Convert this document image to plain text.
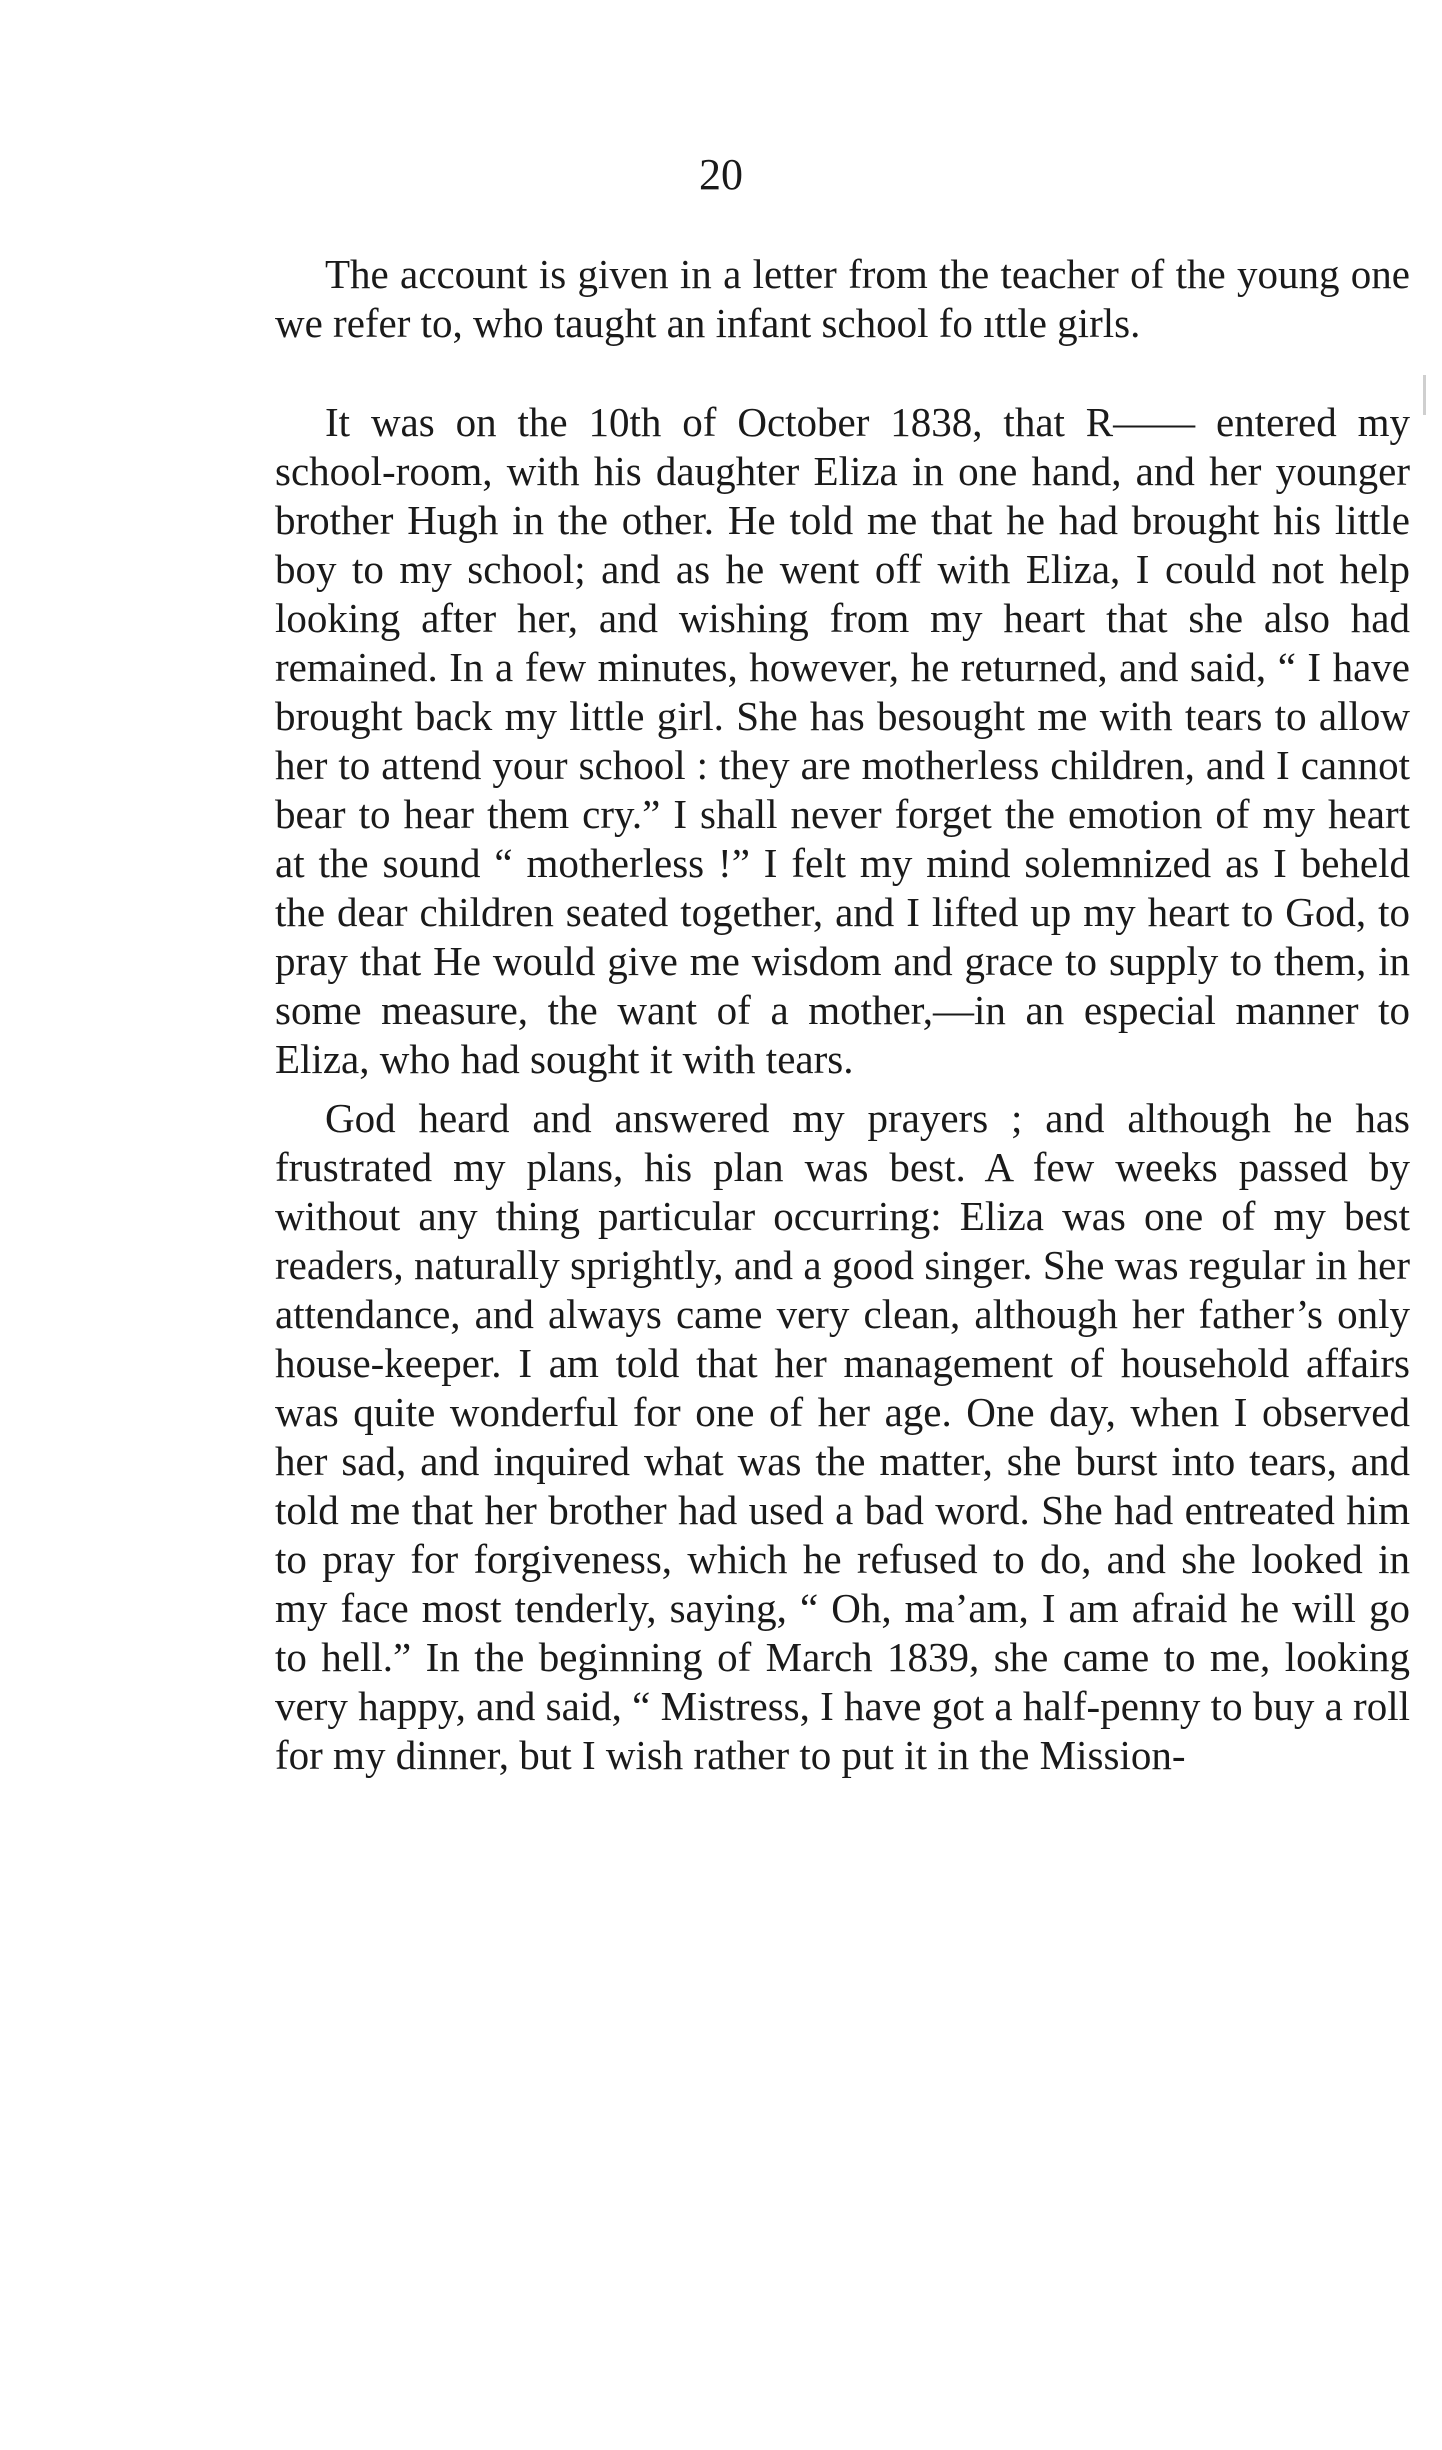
20

The account is given in a letter from the teacher of the young one we refer to, who taught an infant school fo ıttle girls.

It was on the 10th of October 1838, that R—— entered my school-room, with his daughter Eliza in one hand, and her younger brother Hugh in the other. He told me that he had brought his little boy to my school; and as he went off with Eliza, I could not help looking after her, and wishing from my heart that she also had remained. In a few minutes, however, he returned, and said, “ I have brought back my little girl. She has besought me with tears to allow her to attend your school : they are motherless children, and I cannot bear to hear them cry.” I shall never forget the emotion of my heart at the sound “ motherless !” I felt my mind solemnized as I beheld the dear children seated together, and I lifted up my heart to God, to pray that He would give me wisdom and grace to supply to them, in some measure, the want of a mother,—in an especial manner to Eliza, who had sought it with tears.

God heard and answered my prayers ; and although he has frustrated my plans, his plan was best. A few weeks passed by without any thing particular occurring: Eliza was one of my best readers, naturally sprightly, and a good singer. She was regular in her attendance, and always came very clean, although her father’s only house-keeper. I am told that her management of household affairs was quite wonderful for one of her age. One day, when I observed her sad, and inquired what was the matter, she burst into tears, and told me that her brother had used a bad word. She had entreated him to pray for forgiveness, which he refused to do, and she looked in my face most tenderly, saying, “ Oh, ma’am, I am afraid he will go to hell.” In the beginning of March 1839, she came to me, looking very happy, and said, “ Mistress, I have got a half-penny to buy a roll for my dinner, but I wish rather to put it in the Mission-
